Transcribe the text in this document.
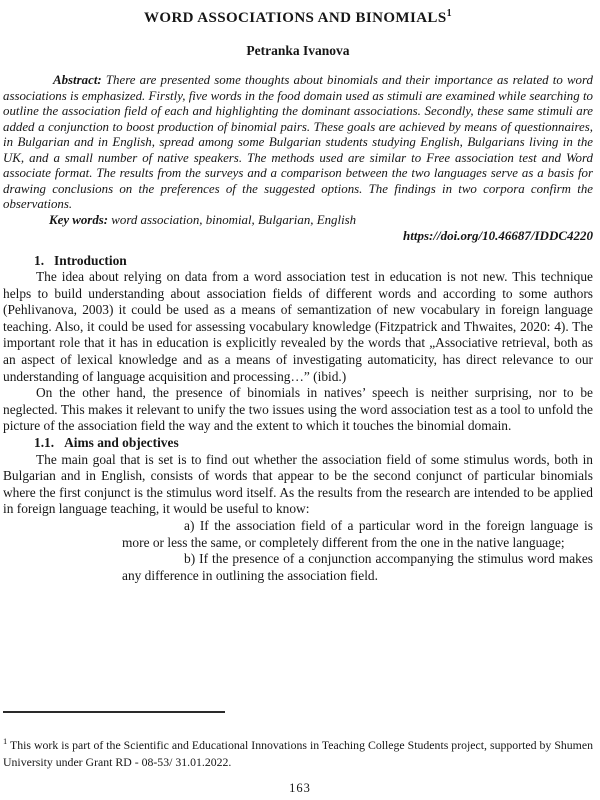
WORD ASSOCIATIONS AND BINOMIALS$^1$
Petranka Ivanova
Abstract: There are presented some thoughts about binomials and their importance as related to word associations is emphasized. Firstly, five words in the food domain used as stimuli are examined while searching to outline the association field of each and highlighting the dominant associations. Secondly, these same stimuli are added a conjunction to boost production of binomial pairs. These goals are achieved by means of questionnaires, in Bulgarian and in English, spread among some Bulgarian students studying English, Bulgarians living in the UK, and a small number of native speakers. The methods used are similar to Free association test and Word associate format. The results from the surveys and a comparison between the two languages serve as a basis for drawing conclusions on the preferences of the suggested options. The findings in two corpora confirm the observations.
Key words: word association, binomial, Bulgarian, English
https://doi.org/10.46687/IDDC4220
1. Introduction
The idea about relying on data from a word association test in education is not new. This technique helps to build understanding about association fields of different words and according to some authors (Pehlivanova, 2003) it could be used as a means of semantization of new vocabulary in foreign language teaching. Also, it could be used for assessing vocabulary knowledge (Fitzpatrick and Thwaites, 2020: 4). The important role that it has in education is explicitly revealed by the words that „Associative retrieval, both as an aspect of lexical knowledge and as a means of investigating automaticity, has direct relevance to our understanding of language acquisition and processing…” (ibid.)
On the other hand, the presence of binomials in natives’ speech is neither surprising, nor to be neglected. This makes it relevant to unify the two issues using the word association test as a tool to unfold the picture of the association field the way and the extent to which it touches the binomial domain.
1.1. Aims and objectives
The main goal that is set is to find out whether the association field of some stimulus words, both in Bulgarian and in English, consists of words that appear to be the second conjunct of particular binomials where the first conjunct is the stimulus word itself. As the results from the research are intended to be applied in foreign language teaching, it would be useful to know:
a) If the association field of a particular word in the foreign language is more or less the same, or completely different from the one in the native language;
b) If the presence of a conjunction accompanying the stimulus word makes any difference in outlining the association field.
$^1$ This work is part of the Scientific and Educational Innovations in Teaching College Students project, supported by Shumen University under Grant RD - 08-53/ 31.01.2022.
163
